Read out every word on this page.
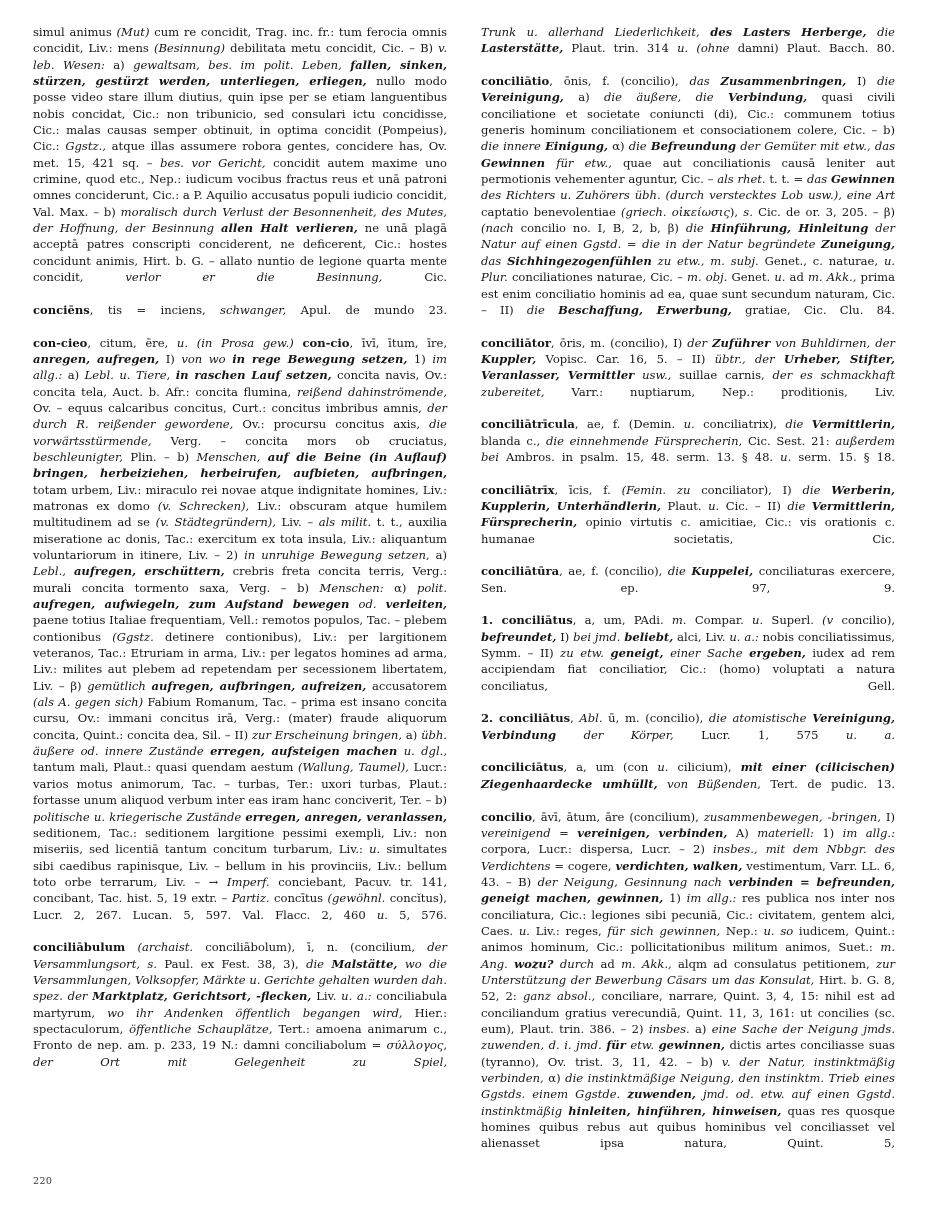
simul animus (Mut) cum re concidit, Trag. inc. fr.: tum ferocia omnis concidit, Liv.: mens (Besinnung) debilitata metu concidit, Cic. – B) v. leb. Wesen: a) gewaltsam, bes. im polit. Leben, fallen, sinken, stürzen, gestürzt werden, unterliegen, erliegen, nullo modo posse video stare illum diutius, quin ipse per se etiam languentibus nobis concidat, Cic.: non tribunicio, sed consulari ictu concidisse, Cic.: malas causas semper obtinuit, in optima concidit (Pompeius), Cic.: Ggstz., atque illas assumere robora gentes, concidere has, Ov. met. 15, 421 sq. – bes. vor Gericht, concidit autem maxime uno crimine, quod etc., Nep.: iudicum vocibus fractus reus et unā patroni omnes conciderunt, Cic.: a P. Aquilio accusatus populi iudicio concidit, Val. Max. – b) moralisch durch Verlust der Besonnenheit, des Mutes, der Hoffnung, der Besinnung allen Halt verlieren, ne unā plagā acceptā patres conscripti conciderent, ne deficerent, Cic.: hostes concidunt animis, Hirt. b. G. – allato nuntio de legione quarta mente concidit, verlor er die Besinnung, Cic.

conciēns, tis = inciens, schwanger, Apul. de mundo 23.

con-cieo, citum, ēre, u. (in Prosa gew.) con-cio, īvī, ītum, īre, anregen, aufregen, I) von wo in rege Bewegung setzen, 1) im allg.: a) Lebl. u. Tiere, in raschen Lauf setzen, concita navis, Ov.: concita tela, Auct. b. Afr.: concita flumina, reißend dahinströmende, Ov. – equus calcaribus concitus, Curt.: concitus imbribus amnis, der durch R. reißender gewordene, Ov.: procursu concitus axis, die vorwärtsstürmende, Verg. – concita mors ob cruciatus, beschleunigter, Plin. – b) Menschen, auf die Beine (in Auflauf) bringen, herbeiziehen, herbeirufen, aufbieten, aufbringen, totam urbem, Liv.: miraculo rei novae atque indignitate homines, Liv.: matronas ex domo (v. Schrecken), Liv.: obscuram atque humilem multitudinem ad se (v. Städtegründern), Liv. – als milit. t. t., auxilia miseratione ac donis, Tac.: exercitum ex tota insula, Liv.: aliquantum voluntariorum in itinere, Liv. – 2) in unruhige Bewegung setzen, a) Lebl., aufregen, erschüttern, crebris freta concita terris, Verg.: murali concita tormento saxa, Verg. – b) Menschen: α) polit. aufregen, aufwiegeln, zum Aufstand bewegen od. verleiten, paene totius Italiae frequentiam, Vell.: remotos populos, Tac. – plebem contionibus (Ggstz. detinere contionibus), Liv.: per largitionem veteranos, Tac.: Etruriam in arma, Liv.: per legatos homines ad arma, Liv.: milites aut plebem ad repetendam per secessionem libertatem, Liv. – β) gemütlich aufregen, aufbringen, aufreizen, accusatorem (als A. gegen sich) Fabium Romanum, Tac. – prima est insano concita cursu, Ov.: immani concitus irā, Verg.: (mater) fraude aliquorum concita, Quint.: concita dea, Sil. – II) zur Erscheinung bringen, a) übh. äußere od. innere Zustände erregen, aufsteigen machen u. dgl., tantum mali, Plaut.: quasi quendam aestum (Wallung, Taumel), Lucr.: varios motus animorum, Tac. – turbas, Ter.: uxori turbas, Plaut.: fortasse unum aliquod verbum inter eas iram hanc conciverit, Ter. – b) politische u. kriegerische Zustände erregen, anregen, veranlassen, seditionem, Tac.: seditionem largitione pessimi exempli, Liv.: non miseriis, sed licentiā tantum concitum turbarum, Liv.: u. simultates sibi caedibus rapinisque, Liv. – bellum in his provinciis, Liv.: bellum toto orbe terrarum, Liv. – → Imperf. conciebant, Pacuv. tr. 141, concibant, Tac. hist. 5, 19 extr. – Partiz. concītus (gewöhnl. concĭtus), Lucr. 2, 267. Lucan. 5, 597. Val. Flacc. 2, 460 u. 5, 576.

conciliābulum (archaist. conciliābolum), ī, n. (concilium, der Versammlungsort, s. Paul. ex Fest. 38, 3), die Malstätte, wo die Versammlungen, Volksopfer, Märkte u. Gerichte gehalten wurden dah. spez. der Marktplatz, Gerichtsort, -flecken, Liv. u. a.: conciliabula martyrum, wo ihr Andenken öffentlich begangen wird, Hier.: spectaculorum, öffentliche Schauplätze, Tert.: amoena animarum c., Fronto de nep. am. p. 233, 19 N.: damni conciliabolum = σύλλογος, der Ort mit Gelegenheit zu Spiel,

Trunk u. allerhand Liederlichkeit, des Lasters Herberge, die Lasterstätte, Plaut. trin. 314 u. (ohne damni) Plaut. Bacch. 80.

conciliātio, ōnis, f. (concilio), das Zusammenbringen, I) die Vereinigung, a) die äußere, die Verbindung, quasi civili conciliatione et societate coniuncti (di), Cic.: communem totius generis hominum conciliationem et consociationem colere, Cic. – b) die innere Einigung, α) die Befreundung der Gemüter mit etw., das Gewinnen für etw., quae aut conciliationis causā leniter aut permotionis vehementer aguntur, Cic. – als rhet. t. t. = das Gewinnen des Richters u. Zuhörers übh. (durch verstecktes Lob usw.), eine Art captatio benevolentiae (griech. οἰκείωσις), s. Cic. de or. 3, 205. – β) (nach concilio no. I, B, 2, b, β) die Hinführung, Hinleitung der Natur auf einen Ggstd. = die in der Natur begründete Zuneigung, das Sichhingezogenfühlen zu etw., m. subj. Genet., c. naturae, u. Plur. conciliationes naturae, Cic. – m. obj. Genet. u. ad m. Akk., prima est enim conciliatio hominis ad ea, quae sunt secundum naturam, Cic. – II) die Beschaffung, Erwerbung, gratiae, Cic. Clu. 84.

conciliātor, ōris, m. (concilio), I) der Zuführer von Buhldirnen, der Kuppler, Vopisc. Car. 16, 5. – II) übtr., der Urheber, Stifter, Veranlasser, Vermittler usw., suillae carnis, der es schmackhaft zubereitet, Varr.: nuptiarum, Nep.: proditionis, Liv.

conciliātrīcula, ae, f. (Demin. u. conciliatrix), die Vermittlerin, blanda c., die einnehmende Fürsprecherin, Cic. Sest. 21: außerdem bei Ambros. in psalm. 15, 48. serm. 13. § 48. u. serm. 15. § 18.

conciliātrīx, īcis, f. (Femin. zu conciliator), I) die Werberin, Kupplerin, Unterhändlerin, Plaut. u. Cic. – II) die Vermittlerin, Fürsprecherin, opinio virtutis c. amicitiae, Cic.: vis orationis c. humanae societatis, Cic.

conciliātūra, ae, f. (concilio), die Kuppelei, conciliaturas exercere, Sen. ep. 97, 9.

1. conciliātus, a, um, PAdi. m. Compar. u. Superl. (v concilio), befreundet, I) bei jmd. beliebt, alci, Liv. u. a.: nobis conciliatissimus, Symm. – II) zu etw. geneigt, einer Sache ergeben, iudex ad rem accipiendam fiat conciliatior, Cic.: (homo) voluptati a natura conciliatus, Gell.

2. conciliātus, Abl. ū, m. (concilio), die atomistische Vereinigung, Verbindung der Körper, Lucr. 1, 575 u. a.

conciliciātus, a, um (con u. cilicium), mit einer (cilicischen) Ziegenhaardecke umhüllt, von Büßenden, Tert. de pudic. 13.

concilio, āvī, ātum, āre (concilium), zusammenbewegen, -bringen, I) vereinigend = vereinigen, verbinden, A) materiell: 1) im allg.: corpora, Lucr.: dispersa, Lucr. – 2) insbes., mit dem Nbbgr. des Verdichtens = cogere, verdichten, walken, vestimentum, Varr. LL. 6, 43. – B) der Neigung, Gesinnung nach verbinden = befreunden, geneigt machen, gewinnen, 1) im allg.: res publica nos inter nos conciliatura, Cic.: legiones sibi pecuniā, Cic.: civitatem, gentem alci, Caes. u. Liv.: reges, für sich gewinnen, Nep.: u. so iudicem, Quint.: animos hominum, Cic.: pollicitationibus militum animos, Suet.: m. Ang. wozu? durch ad m. Akk., alqm ad consulatus petitionem, zur Unterstützung der Bewerbung Cäsars um das Konsulat, Hirt. b. G. 8, 52, 2: ganz absol., conciliare, narrare, Quint. 3, 4, 15: nihil est ad conciliandum gratius verecundiā, Quint. 11, 3, 161: ut concilies (sc. eum), Plaut. trin. 386. – 2) insbes. a) eine Sache der Neigung jmds. zuwenden, d. i. jmd. für etw. gewinnen, dictis artes conciliasse suas (tyranno), Ov. trist. 3, 11, 42. – b) v. der Natur, instinktmäßig verbinden, α) die instinktmäßige Neigung, den instinktm. Trieb eines Ggstds. einem Ggstde. zuwenden, jmd. od. etw. auf einen Ggstd. instinktmäßig hinleiten, hinführen, hinweisen, quas res quosque homines quibus rebus aut quibus hominibus vel conciliasset vel alienasset ipsa natura, Quint. 5,

220
